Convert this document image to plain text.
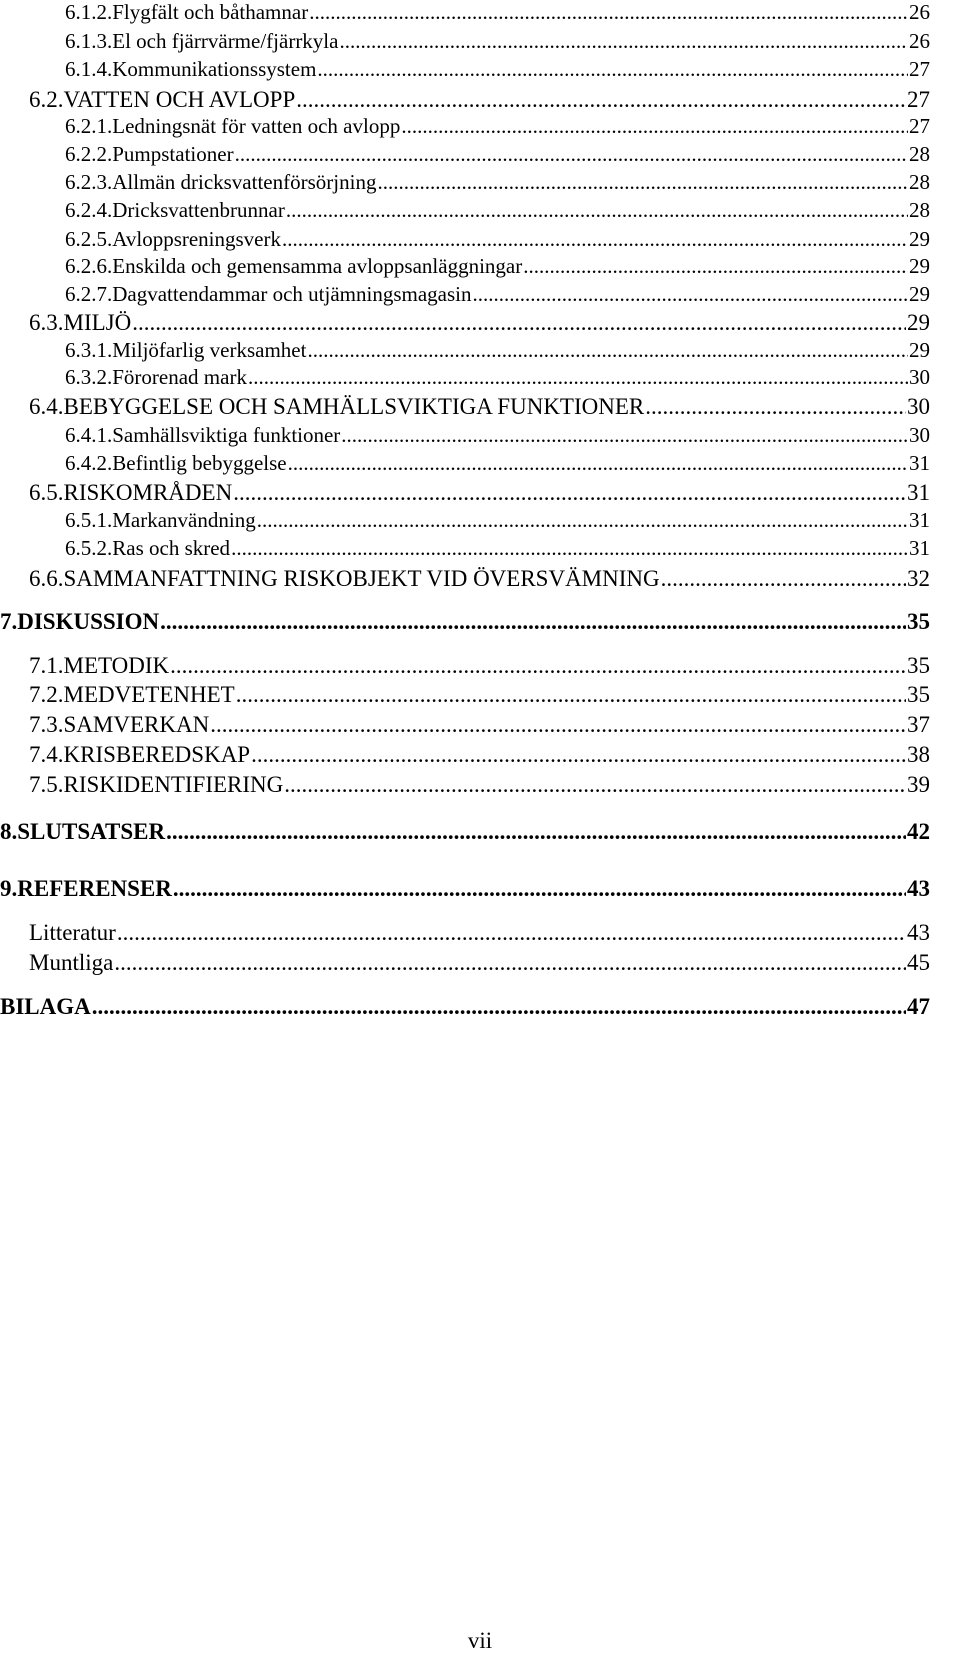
6.1.2. Flygfält och båthamnar .....	26
6.1.3. El och fjärrvärme/fjärrkyla .....	26
6.1.4. Kommunikationssystem .....	27
6.2. VATTEN OCH AVLOPP .....	27
6.2.1. Ledningsnät för vatten och avlopp .....	27
6.2.2. Pumpstationer .....	28
6.2.3. Allmän dricksvattenförsörjning .....	28
6.2.4. Dricksvattenbrunnar .....	28
6.2.5. Avloppsreningsverk .....	29
6.2.6. Enskilda och gemensamma avloppsanläggningar .....	29
6.2.7. Dagvattendammar och utjämningsmagasin .....	29
6.3. MILJÖ .....	29
6.3.1. Miljöfarlig verksamhet .....	29
6.3.2. Förorenad mark .....	30
6.4. BEBYGGELSE OCH SAMHÄLLSVIKTIGA FUNKTIONER .....	30
6.4.1. Samhällsviktiga funktioner .....	30
6.4.2. Befintlig bebyggelse .....	31
6.5. RISKOMRÅDEN .....	31
6.5.1. Markanvändning .....	31
6.5.2. Ras och skred .....	31
6.6. SAMMANFATTNING RISKOBJEKT VID ÖVERSVÄMNING .....	32
7. DISKUSSION .....	35
7.1. METODIK .....	35
7.2. MEDVETENHET .....	35
7.3. SAMVERKAN .....	37
7.4. KRISBEREDSKAP .....	38
7.5. RISKIDENTIFIERING .....	39
8. SLUTSATSER .....	42
9. REFERENSER .....	43
Litteratur .....	43
Muntliga .....	45
BILAGA .....	47
vii
